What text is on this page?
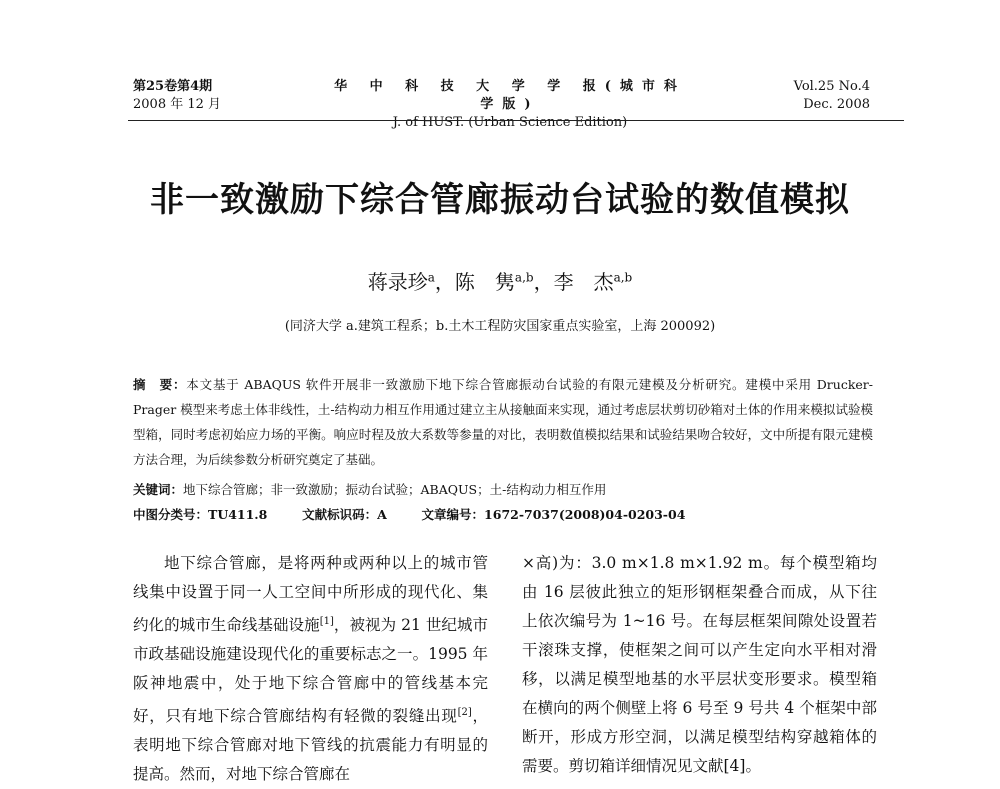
第25卷第4期
2008 年 12 月
华 中 科 技 大 学 学 报(城市科学版)
J. of HUST. (Urban Science Edition)
Vol.25 No.4
Dec. 2008
非一致激励下综合管廊振动台试验的数值模拟
蒋录珍$^a$，陈　隽$^{a,b}$，李　杰$^{a,b}$
(同济大学 a.建筑工程系；b.土木工程防灾国家重点实验室，上海 200092)
摘　要：本文基于 ABAQUS 软件开展非一致激励下地下综合管廊振动台试验的有限元建模及分析研究。建模中采用 Drucker-Prager 模型来考虑土体非线性，土-结构动力相互作用通过建立主从接触面来实现，通过考虑层状剪切砂箱对土体的作用来模拟试验模型箱，同时考虑初始应力场的平衡。响应时程及放大系数等参量的对比，表明数值模拟结果和试验结果吻合较好，文中所提有限元建模方法合理，为后续参数分析研究奠定了基础。
关键词：地下综合管廊；非一致激励；振动台试验；ABAQUS；土-结构动力相互作用
中图分类号：TU411.8	文献标识码：A	文章编号：1672-7037(2008)04-0203-04

地下综合管廊，是将两种或两种以上的城市管线集中设置于同一人工空间中所形成的现代化、集约化的城市生命线基础设施[1]，被视为 21 世纪城市市政基础设施建设现代化的重要标志之一。1995 年阪神地震中，处于地下综合管廊中的管线基本完好，只有地下综合管廊结构有轻微的裂缝出现[2]，表明地下综合管廊对地下管线的抗震能力有明显的提高。然而，对地下综合管廊在

×高)为：3.0 m×1.8 m×1.92 m。每个模型箱均由 16 层彼此独立的矩形钢框架叠合而成，从下往上依次编号为 1~16 号。在每层框架间隙处设置若干滚珠支撑，使框架之间可以产生定向水平相对滑移，以满足模型地基的水平层状变形要求。模型箱在横向的两个侧壁上将 6 号至 9 号共 4 个框架中部断开，形成方形空洞，以满足模型结构穿越箱体的需要。剪切箱详细情况见文献[4]。
